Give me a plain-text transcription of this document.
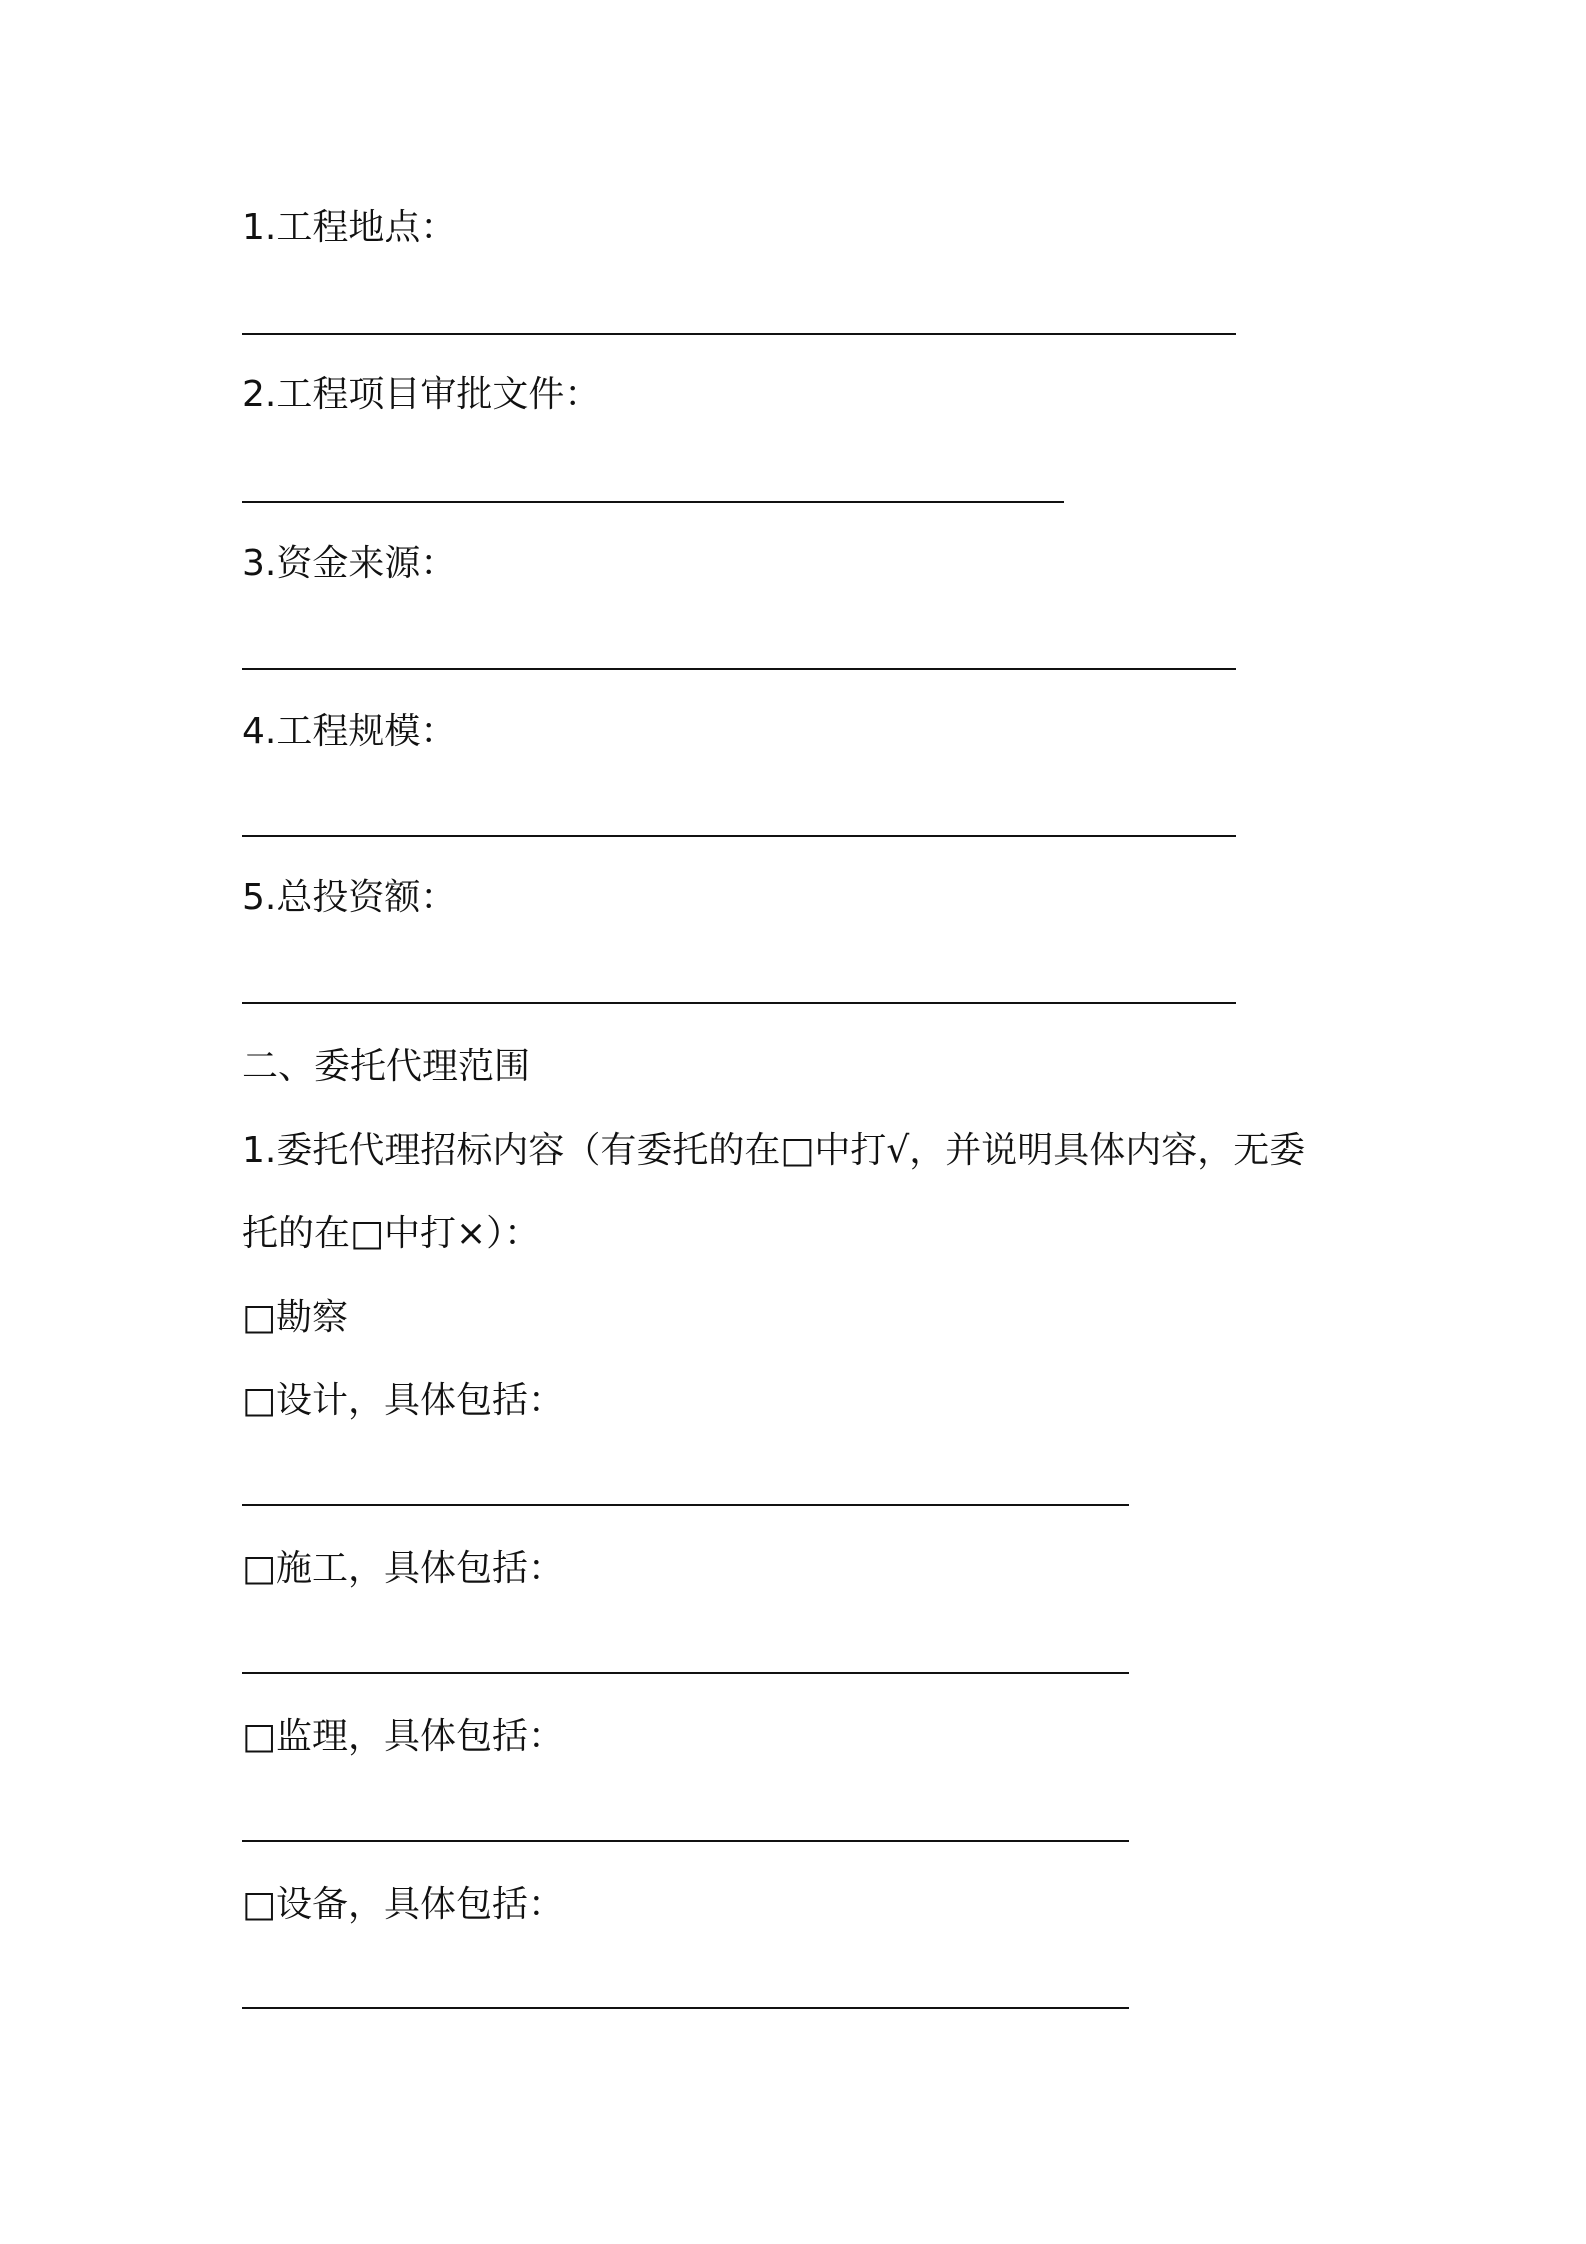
1.工程地点：
2.工程项目审批文件：
3.资金来源：
4.工程规模：
5.总投资额：
二、委托代理范围
1.委托代理招标内容（有委托的在□中打√，并说明具体内容，无委
托的在□中打×）：
□勘察
□设计，具体包括：
□施工，具体包括：
□监理，具体包括：
□设备，具体包括：
